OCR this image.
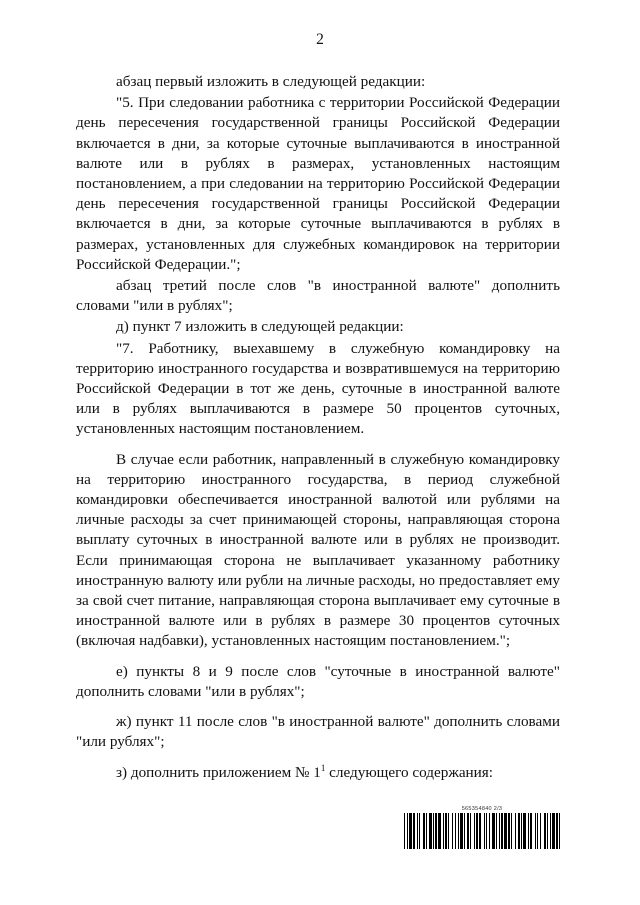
2

абзац первый изложить в следующей редакции:

"5. При следовании работника с территории Российской Федерации день пересечения государственной границы Российской Федерации включается в дни, за которые суточные выплачиваются в иностранной валюте или в рублях в размерах, установленных настоящим постановлением, а при следовании на территорию Российской Федерации день пересечения государственной границы Российской Федерации включается в дни, за которые суточные выплачиваются в рублях в размерах, установленных для служебных командировок на территории Российской Федерации.";

абзац третий после слов "в иностранной валюте" дополнить словами "или в рублях";

д) пункт 7 изложить в следующей редакции:

"7. Работнику, выехавшему в служебную командировку на территорию иностранного государства и возвратившемуся на территорию Российской Федерации в тот же день, суточные в иностранной валюте или в рублях выплачиваются в размере 50 процентов суточных, установленных настоящим постановлением.

В случае если работник, направленный в служебную командировку на территорию иностранного государства, в период служебной командировки обеспечивается иностранной валютой или рублями на личные расходы за счет принимающей стороны, направляющая сторона выплату суточных в иностранной валюте или в рублях не производит. Если принимающая сторона не выплачивает указанному работнику иностранную валюту или рубли на личные расходы, но предоставляет ему за свой счет питание, направляющая сторона выплачивает ему суточные в иностранной валюте или в рублях в размере 30 процентов суточных (включая надбавки), установленных настоящим постановлением.";

е) пункты 8 и 9 после слов "суточные в иностранной валюте" дополнить словами "или в рублях";

ж) пункт 11 после слов "в иностранной валюте" дополнить словами "или рублях";

з) дополнить приложением № $1^1$ следующего содержания:

565354840 2/3
